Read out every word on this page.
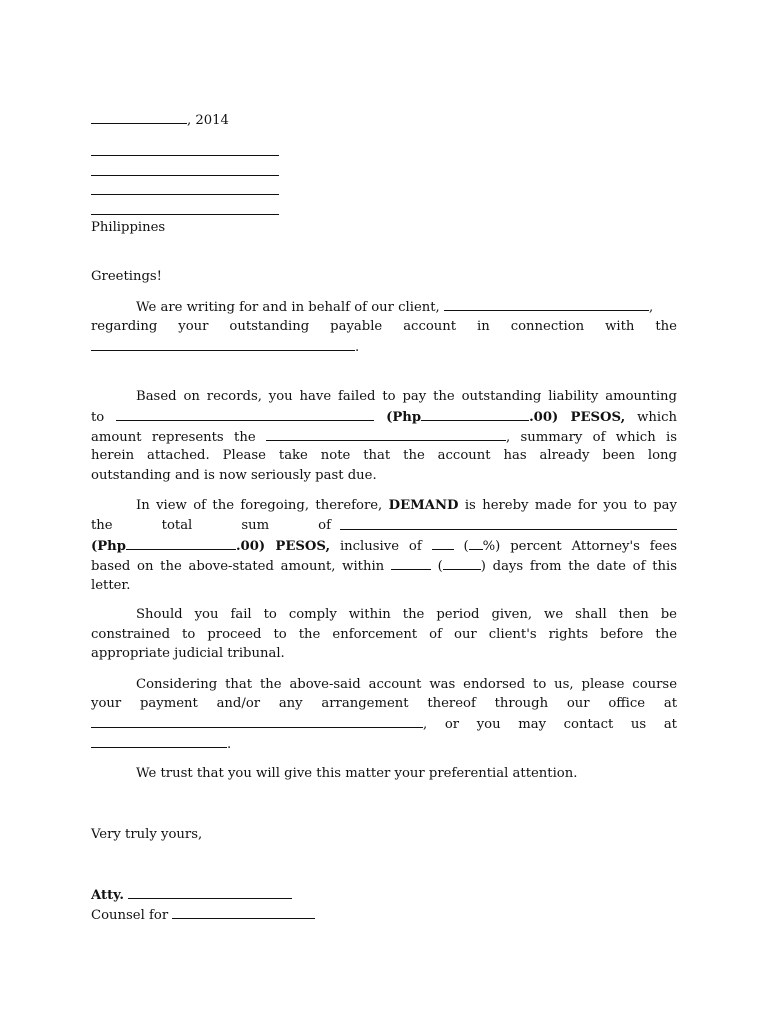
, 2014
Philippines
Greetings!
We are writing for and in behalf of our client,	,
regarding your outstanding payable account in connection with the
.
Based on records, you have failed to pay the outstanding liability amounting
to	(Php	.00) PESOS, which
amount represents the	, summary of which is
herein attached. Please take note that the account has already been long
outstanding and is now seriously past due.
In view of the foregoing, therefore, DEMAND is hereby made for you to pay
the total sum of
(Php	.00) PESOS, inclusive of	( %) percent Attorney's fees
based on the above-stated amount, within	(	) days from the date of this
letter.
Should you fail to comply within the period given, we shall then be
constrained to proceed to the enforcement of our client's rights before the
appropriate judicial tribunal.
Considering that the above-said account was endorsed to us, please course
your payment and/or any arrangement thereof through our office at
, or you may contact us at
.
We trust that you will give this matter your preferential attention.
Very truly yours,
Atty.
Counsel for
